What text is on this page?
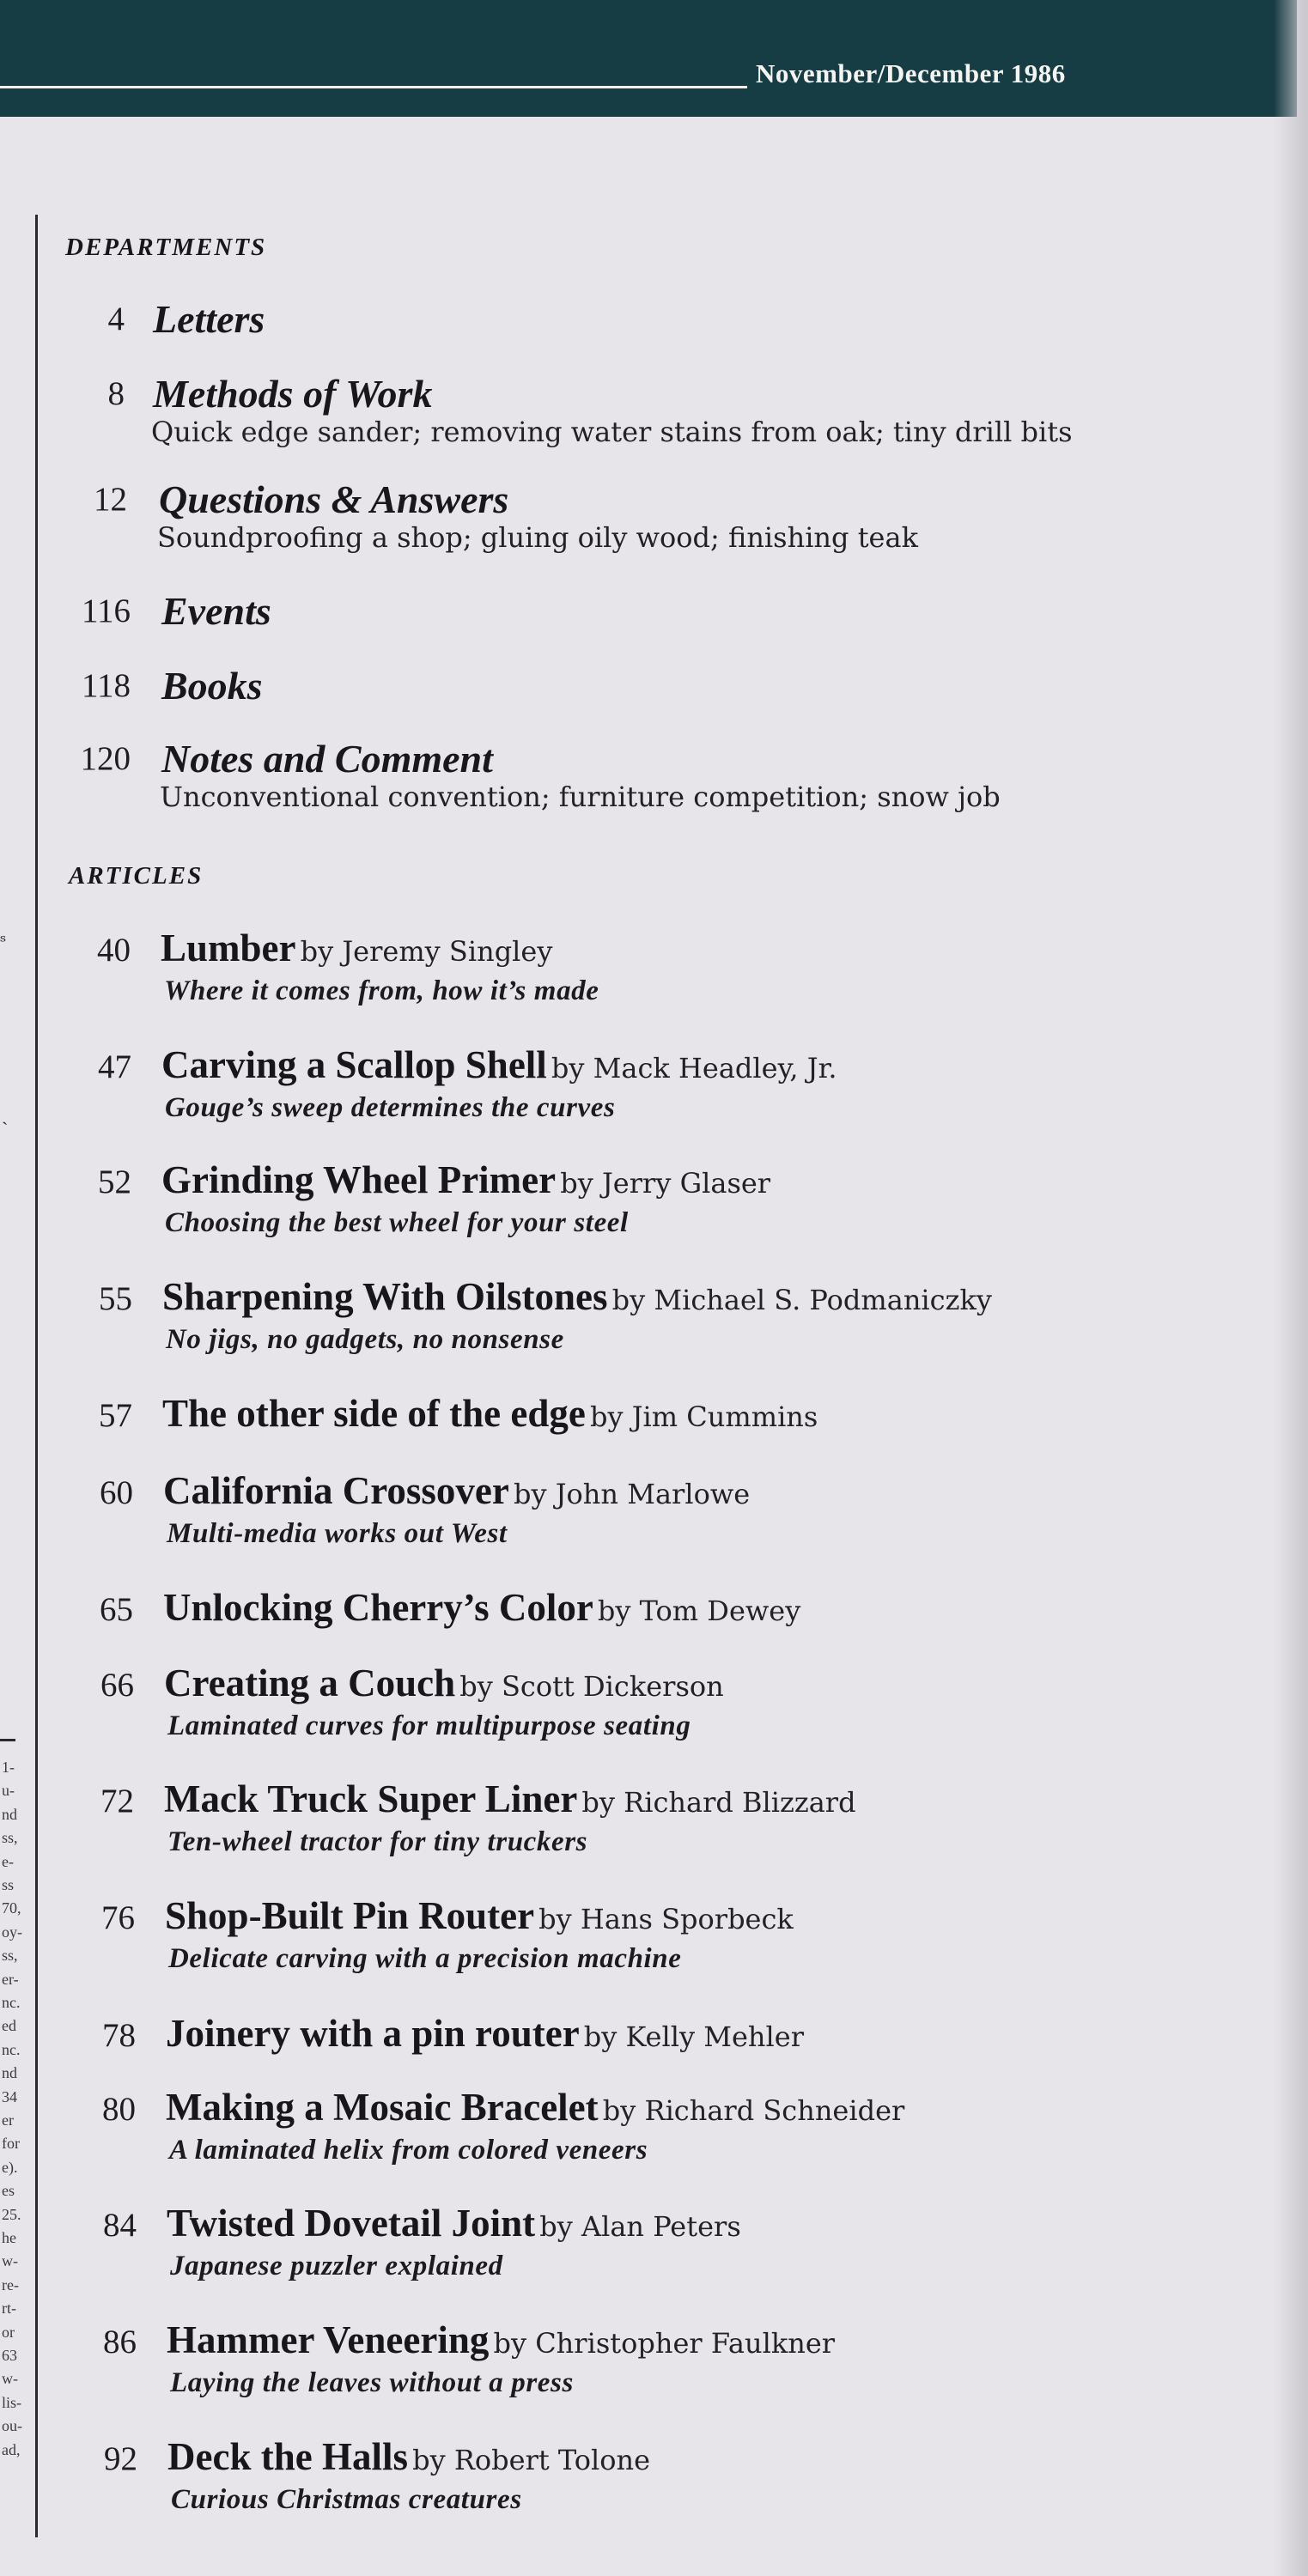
November/December 1986
ˢ
ˏ
1-
u-
nd
ss,
e-
ss
70,
oy-
ss,
er-
nc.
ed
nc.
nd
34
er
for
e).
es
25.
he
w-
re-
rt-
or
63
w-
lis-
ou-
ad,
DEPARTMENTS
4 Letters
8 Methods of Work
Quick edge sander; removing water stains from oak; tiny drill bits
12 Questions & Answers
Soundproofing a shop; gluing oily wood; finishing teak
116 Events
118 Books
120 Notes and Comment
Unconventional convention; furniture competition; snow job
ARTICLES
40 Lumber by Jeremy Singley
Where it comes from, how it’s made
47 Carving a Scallop Shell by Mack Headley, Jr.
Gouge’s sweep determines the curves
52 Grinding Wheel Primer by Jerry Glaser
Choosing the best wheel for your steel
55 Sharpening With Oilstones by Michael S. Podmaniczky
No jigs, no gadgets, no nonsense
57 The other side of the edge by Jim Cummins
60 California Crossover by John Marlowe
Multi-media works out West
65 Unlocking Cherry’s Color by Tom Dewey
66 Creating a Couch by Scott Dickerson
Laminated curves for multipurpose seating
72 Mack Truck Super Liner by Richard Blizzard
Ten-wheel tractor for tiny truckers
76 Shop-Built Pin Router by Hans Sporbeck
Delicate carving with a precision machine
78 Joinery with a pin router by Kelly Mehler
80 Making a Mosaic Bracelet by Richard Schneider
A laminated helix from colored veneers
84 Twisted Dovetail Joint by Alan Peters
Japanese puzzler explained
86 Hammer Veneering by Christopher Faulkner
Laying the leaves without a press
92 Deck the Halls by Robert Tolone
Curious Christmas creatures
